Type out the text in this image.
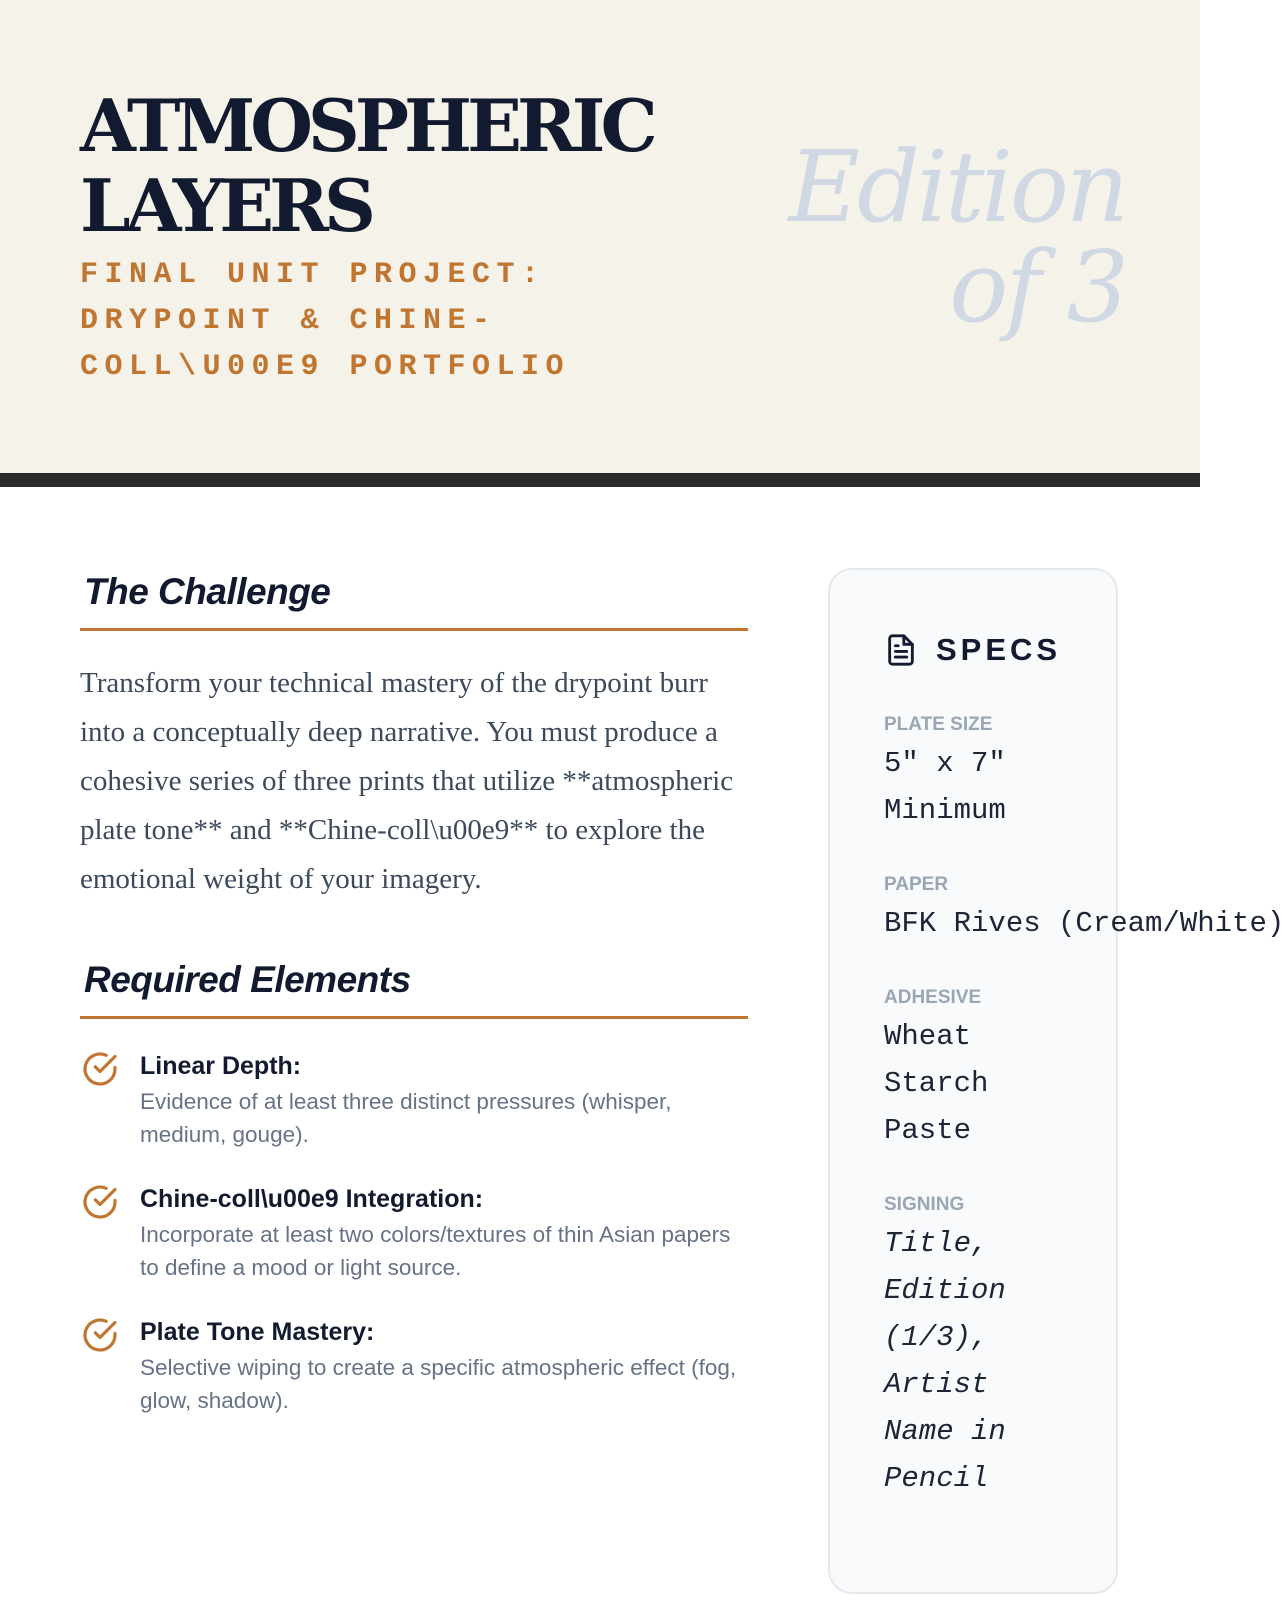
ATMOSPHERIC
LAYERS
FINAL UNIT PROJECT:
DRYPOINT & CHINE-
COLL\U00E9 PORTFOLIO
Edition
of 3
The Challenge

Transform your technical mastery of the drypoint burr into a conceptually deep narrative. You must produce a cohesive series of three prints that utilize **atmospheric plate tone** and **Chine-coll\u00e9** to explore the emotional weight of your imagery.

Required Elements
Linear Depth:
Evidence of at least three distinct pressures (whisper, medium, gouge).
Chine-coll\u00e9 Integration:
Incorporate at least two colors/textures of thin Asian papers to define a mood or light source.
Plate Tone Mastery:
Selective wiping to create a specific atmospheric effect (fog, glow, shadow).
SPECS
PLATE SIZE
5" x 7" Minimum
PAPER
BFK Rives (Cream/White)
ADHESIVE
Wheat Starch Paste
SIGNING
Title, Edition (1/3), Artist Name in Pencil
